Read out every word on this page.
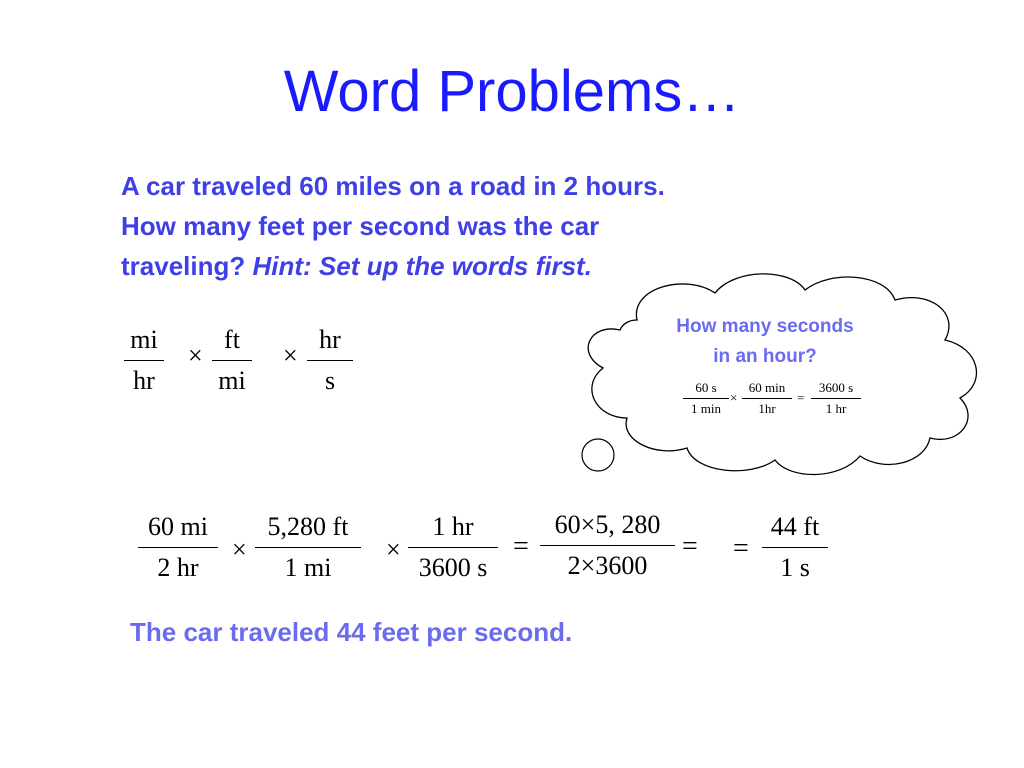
Word Problems…
A car traveled 60 miles on a road in 2 hours.
How many feet per second was the car
traveling? Hint: Set up the words first.
mi
hr
×
ft
mi
×
hr
s
How many seconds
in an hour?
60 s
1 min
×
60 min
1hr
=
3600 s
1 hr
60 mi
2 hr
×
5,280 ft
1 mi
×
1 hr
3600 s
=
60×5, 280
2×3600
= =
44 ft
1 s
The car traveled 44 feet per second.
